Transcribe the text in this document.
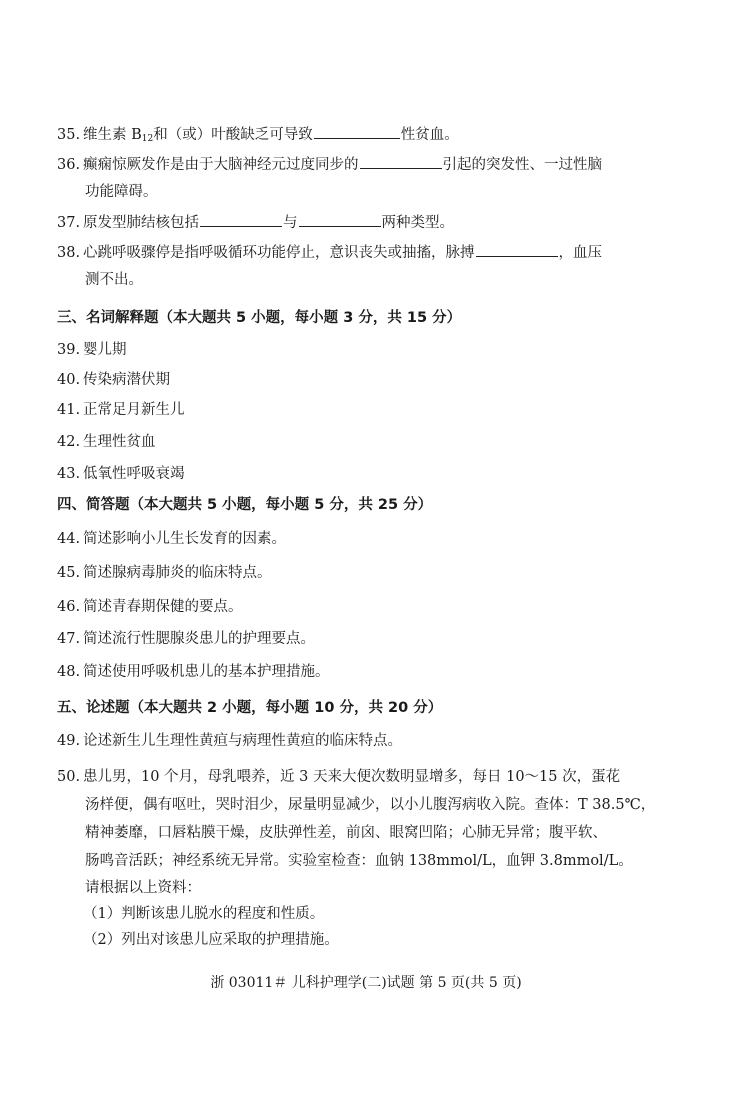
35. 维生素 $B_{12}$和（或）叶酸缺乏可导致	性贫血。
36. 癫痫惊厥发作是由于大脑神经元过度同步的	引起的突发性、一过性脑
功能障碍。
37. 原发型肺结核包括	与	两种类型。
38. 心跳呼吸骤停是指呼吸循环功能停止，意识丧失或抽搐，脉搏	，血压
测不出。
三、名词解释题（本大题共 5 小题，每小题 3 分，共 15 分）
39. 婴儿期
40. 传染病潜伏期
41. 正常足月新生儿
42. 生理性贫血
43. 低氧性呼吸衰竭
四、简答题（本大题共 5 小题，每小题 5 分，共 25 分）
44. 简述影响小儿生长发育的因素。
45. 简述腺病毒肺炎的临床特点。
46. 简述青春期保健的要点。
47. 简述流行性腮腺炎患儿的护理要点。
48. 简述使用呼吸机患儿的基本护理措施。
五、论述题（本大题共 2 小题，每小题 10 分，共 20 分）
49. 论述新生儿生理性黄疸与病理性黄疸的临床特点。
50. 患儿男，10 个月，母乳喂养，近 3 天来大便次数明显增多，每日 10～15 次，蛋花
汤样便，偶有呕吐，哭时泪少，尿量明显减少，以小儿腹泻病收入院。查体：T 38.5℃，
精神萎靡，口唇粘膜干燥，皮肤弹性差，前囟、眼窝凹陷；心肺无异常；腹平软、
肠鸣音活跃；神经系统无异常。实验室检查：血钠 138mmol/L，血钾 3.8mmol/L。
请根据以上资料：
（1）判断该患儿脱水的程度和性质。
（2）列出对该患儿应采取的护理措施。
浙 03011＃ 儿科护理学(二)试题 第 5 页(共 5 页)
